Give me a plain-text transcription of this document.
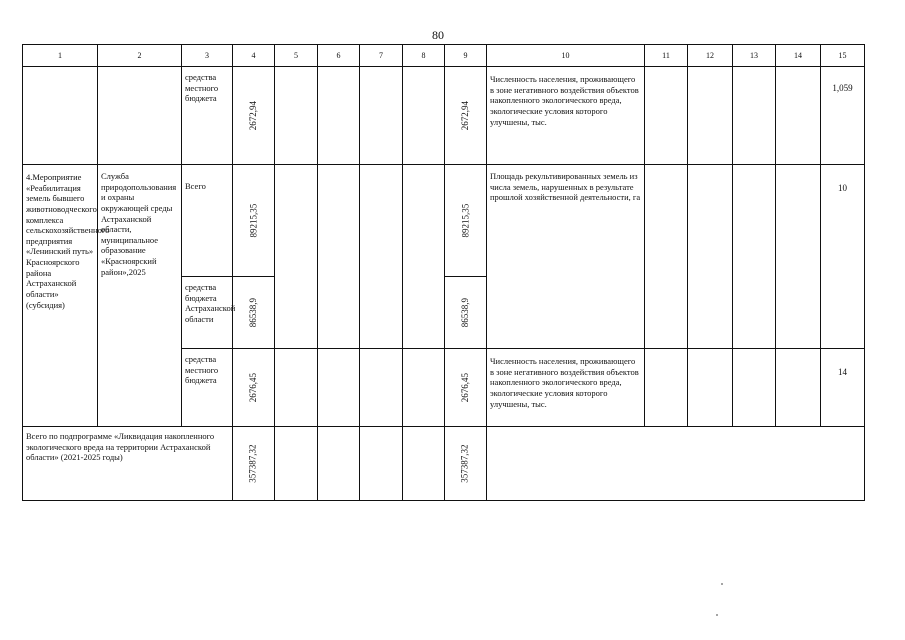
80
1	2	3	4	5	6	7	8	9	10	11	12	13	14	15
		средства местного бюджета	2672,94					2672,94	Численность населения, проживающего в зоне негативного воздействия объектов накопленного экологического вреда, экологические условия которого улучшены, тыс.					1,059
4.Мероприятие «Реабилитация земель бывшего животноводческого комплекса сельскохозяйственного предприятия «Ленинский путь» Красноярского района Астраханской области» (субсидия)	Служба природопользования и охраны окружающей среды Астраханской области, муниципальное образование «Красноярский район»,2025	Всего	89215,35					89215,35	Площадь рекультивированных земель из числа земель, нарушенных в результате прошлой хозяйственной деятельности, га					10
		средства бюджета Астраханской области	86538,9					86538,9						
		средства местного бюджета	2676,45					2676,45	Численность населения, проживающего в зоне негативного воздействия объектов накопленного экологического вреда, экологические условия которого улучшены, тыс.					14
Всего по подпрограмме «Ликвидация накопленного экологического вреда на территории Астраханской области» (2021-2025 годы)			357387,32					357387,32						
